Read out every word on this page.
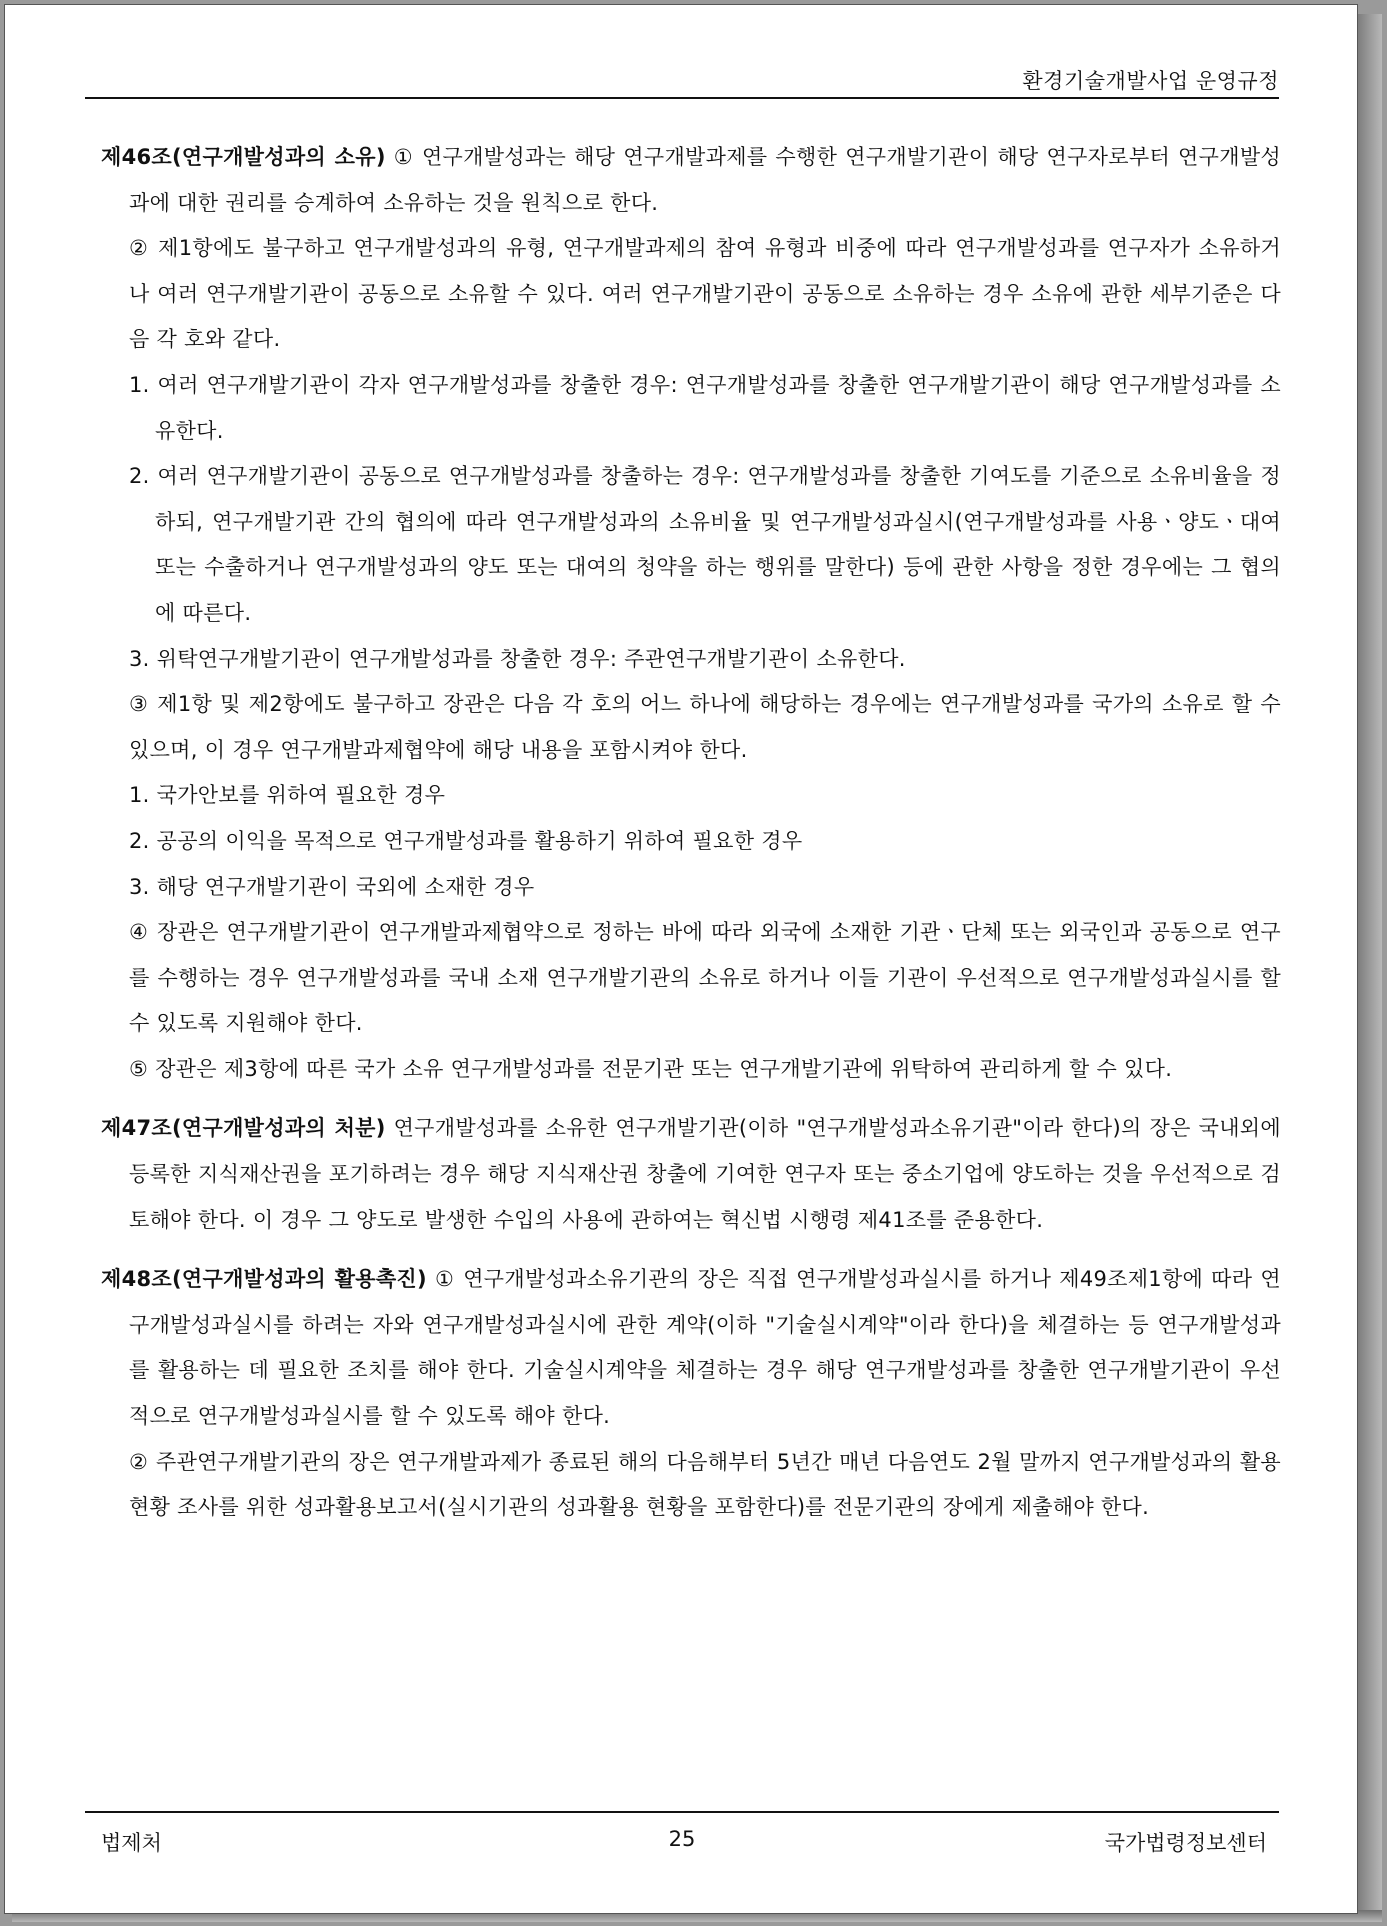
환경기술개발사업 운영규정

제46조(연구개발성과의 소유) ① 연구개발성과는 해당 연구개발과제를 수행한 연구개발기관이 해당 연구자로부터 연구개발성과에 대한 권리를 승계하여 소유하는 것을 원칙으로 한다.

② 제1항에도 불구하고 연구개발성과의 유형, 연구개발과제의 참여 유형과 비중에 따라 연구개발성과를 연구자가 소유하거나 여러 연구개발기관이 공동으로 소유할 수 있다. 여러 연구개발기관이 공동으로 소유하는 경우 소유에 관한 세부기준은 다음 각 호와 같다.

1. 여러 연구개발기관이 각자 연구개발성과를 창출한 경우: 연구개발성과를 창출한 연구개발기관이 해당 연구개발성과를 소유한다.

2. 여러 연구개발기관이 공동으로 연구개발성과를 창출하는 경우: 연구개발성과를 창출한 기여도를 기준으로 소유비율을 정하되, 연구개발기관 간의 협의에 따라 연구개발성과의 소유비율 및 연구개발성과실시(연구개발성과를 사용ㆍ양도ㆍ대여 또는 수출하거나 연구개발성과의 양도 또는 대여의 청약을 하는 행위를 말한다) 등에 관한 사항을 정한 경우에는 그 협의에 따른다.

3. 위탁연구개발기관이 연구개발성과를 창출한 경우: 주관연구개발기관이 소유한다.

③ 제1항 및 제2항에도 불구하고 장관은 다음 각 호의 어느 하나에 해당하는 경우에는 연구개발성과를 국가의 소유로 할 수 있으며, 이 경우 연구개발과제협약에 해당 내용을 포함시켜야 한다.

1. 국가안보를 위하여 필요한 경우

2. 공공의 이익을 목적으로 연구개발성과를 활용하기 위하여 필요한 경우

3. 해당 연구개발기관이 국외에 소재한 경우

④ 장관은 연구개발기관이 연구개발과제협약으로 정하는 바에 따라 외국에 소재한 기관ㆍ단체 또는 외국인과 공동으로 연구를 수행하는 경우 연구개발성과를 국내 소재 연구개발기관의 소유로 하거나 이들 기관이 우선적으로 연구개발성과실시를 할 수 있도록 지원해야 한다.

⑤ 장관은 제3항에 따른 국가 소유 연구개발성과를 전문기관 또는 연구개발기관에 위탁하여 관리하게 할 수 있다.

제47조(연구개발성과의 처분) 연구개발성과를 소유한 연구개발기관(이하 "연구개발성과소유기관"이라 한다)의 장은 국내외에 등록한 지식재산권을 포기하려는 경우 해당 지식재산권 창출에 기여한 연구자 또는 중소기업에 양도하는 것을 우선적으로 검토해야 한다. 이 경우 그 양도로 발생한 수입의 사용에 관하여는 혁신법 시행령 제41조를 준용한다.

제48조(연구개발성과의 활용촉진) ① 연구개발성과소유기관의 장은 직접 연구개발성과실시를 하거나 제49조제1항에 따라 연구개발성과실시를 하려는 자와 연구개발성과실시에 관한 계약(이하 "기술실시계약"이라 한다)을 체결하는 등 연구개발성과를 활용하는 데 필요한 조치를 해야 한다. 기술실시계약을 체결하는 경우 해당 연구개발성과를 창출한 연구개발기관이 우선적으로 연구개발성과실시를 할 수 있도록 해야 한다.

② 주관연구개발기관의 장은 연구개발과제가 종료된 해의 다음해부터 5년간 매년 다음연도 2월 말까지 연구개발성과의 활용현황 조사를 위한 성과활용보고서(실시기관의 성과활용 현황을 포함한다)를 전문기관의 장에게 제출해야 한다.

법제처	25	국가법령정보센터
